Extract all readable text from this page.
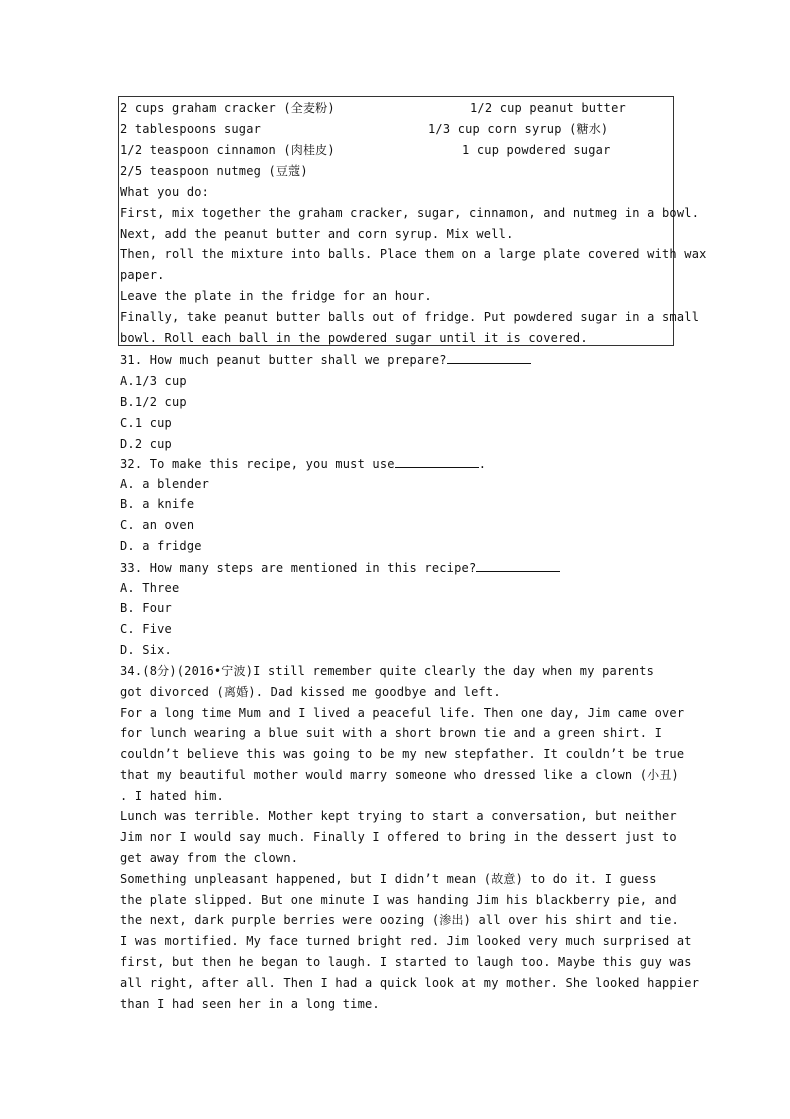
2 cups graham cracker (全麦粉)	1/2 cup peanut butter
2 tablespoons sugar	1/3 cup corn syrup (糖水)
1/2 teaspoon cinnamon (肉桂皮)	1 cup powdered sugar
2/5 teaspoon nutmeg (豆蔻)
What you do:
First, mix together the graham cracker, sugar, cinnamon, and nutmeg in a bowl.
Next, add the peanut butter and corn syrup. Mix well.
Then, roll the mixture into balls. Place them on a large plate covered with wax
paper.
Leave the plate in the fridge for an hour.
Finally, take peanut butter balls out of fridge. Put powdered sugar in a small
bowl. Roll each ball in the powdered sugar until it is covered.
31. How much peanut butter shall we prepare?
A.1/3 cup
B.1/2 cup
C.1 cup
D.2 cup
32. To make this recipe, you must use	.
A. a blender
B. a knife
C. an oven
D. a fridge
33. How many steps are mentioned in this recipe?
A. Three
B. Four
C. Five
D. Six.
34.(8分)(2016•宁波)I still remember quite clearly the day when my parents
got divorced (离婚). Dad kissed me goodbye and left.
For a long time Mum and I lived a peaceful life. Then one day, Jim came over
for lunch wearing a blue suit with a short brown tie and a green shirt. I
couldn’t believe this was going to be my new stepfather. It couldn’t be true
that my beautiful mother would marry someone who dressed like a clown (小丑)
. I hated him.
Lunch was terrible. Mother kept trying to start a conversation, but neither
Jim nor I would say much. Finally I offered to bring in the dessert just to
get away from the clown.
Something unpleasant happened, but I didn’t mean (故意) to do it. I guess
the plate slipped. But one minute I was handing Jim his blackberry pie, and
the next, dark purple berries were oozing (渗出) all over his shirt and tie.
I was mortified. My face turned bright red. Jim looked very much surprised at
first, but then he began to laugh. I started to laugh too. Maybe this guy was
all right, after all. Then I had a quick look at my mother. She looked happier
than I had seen her in a long time.
